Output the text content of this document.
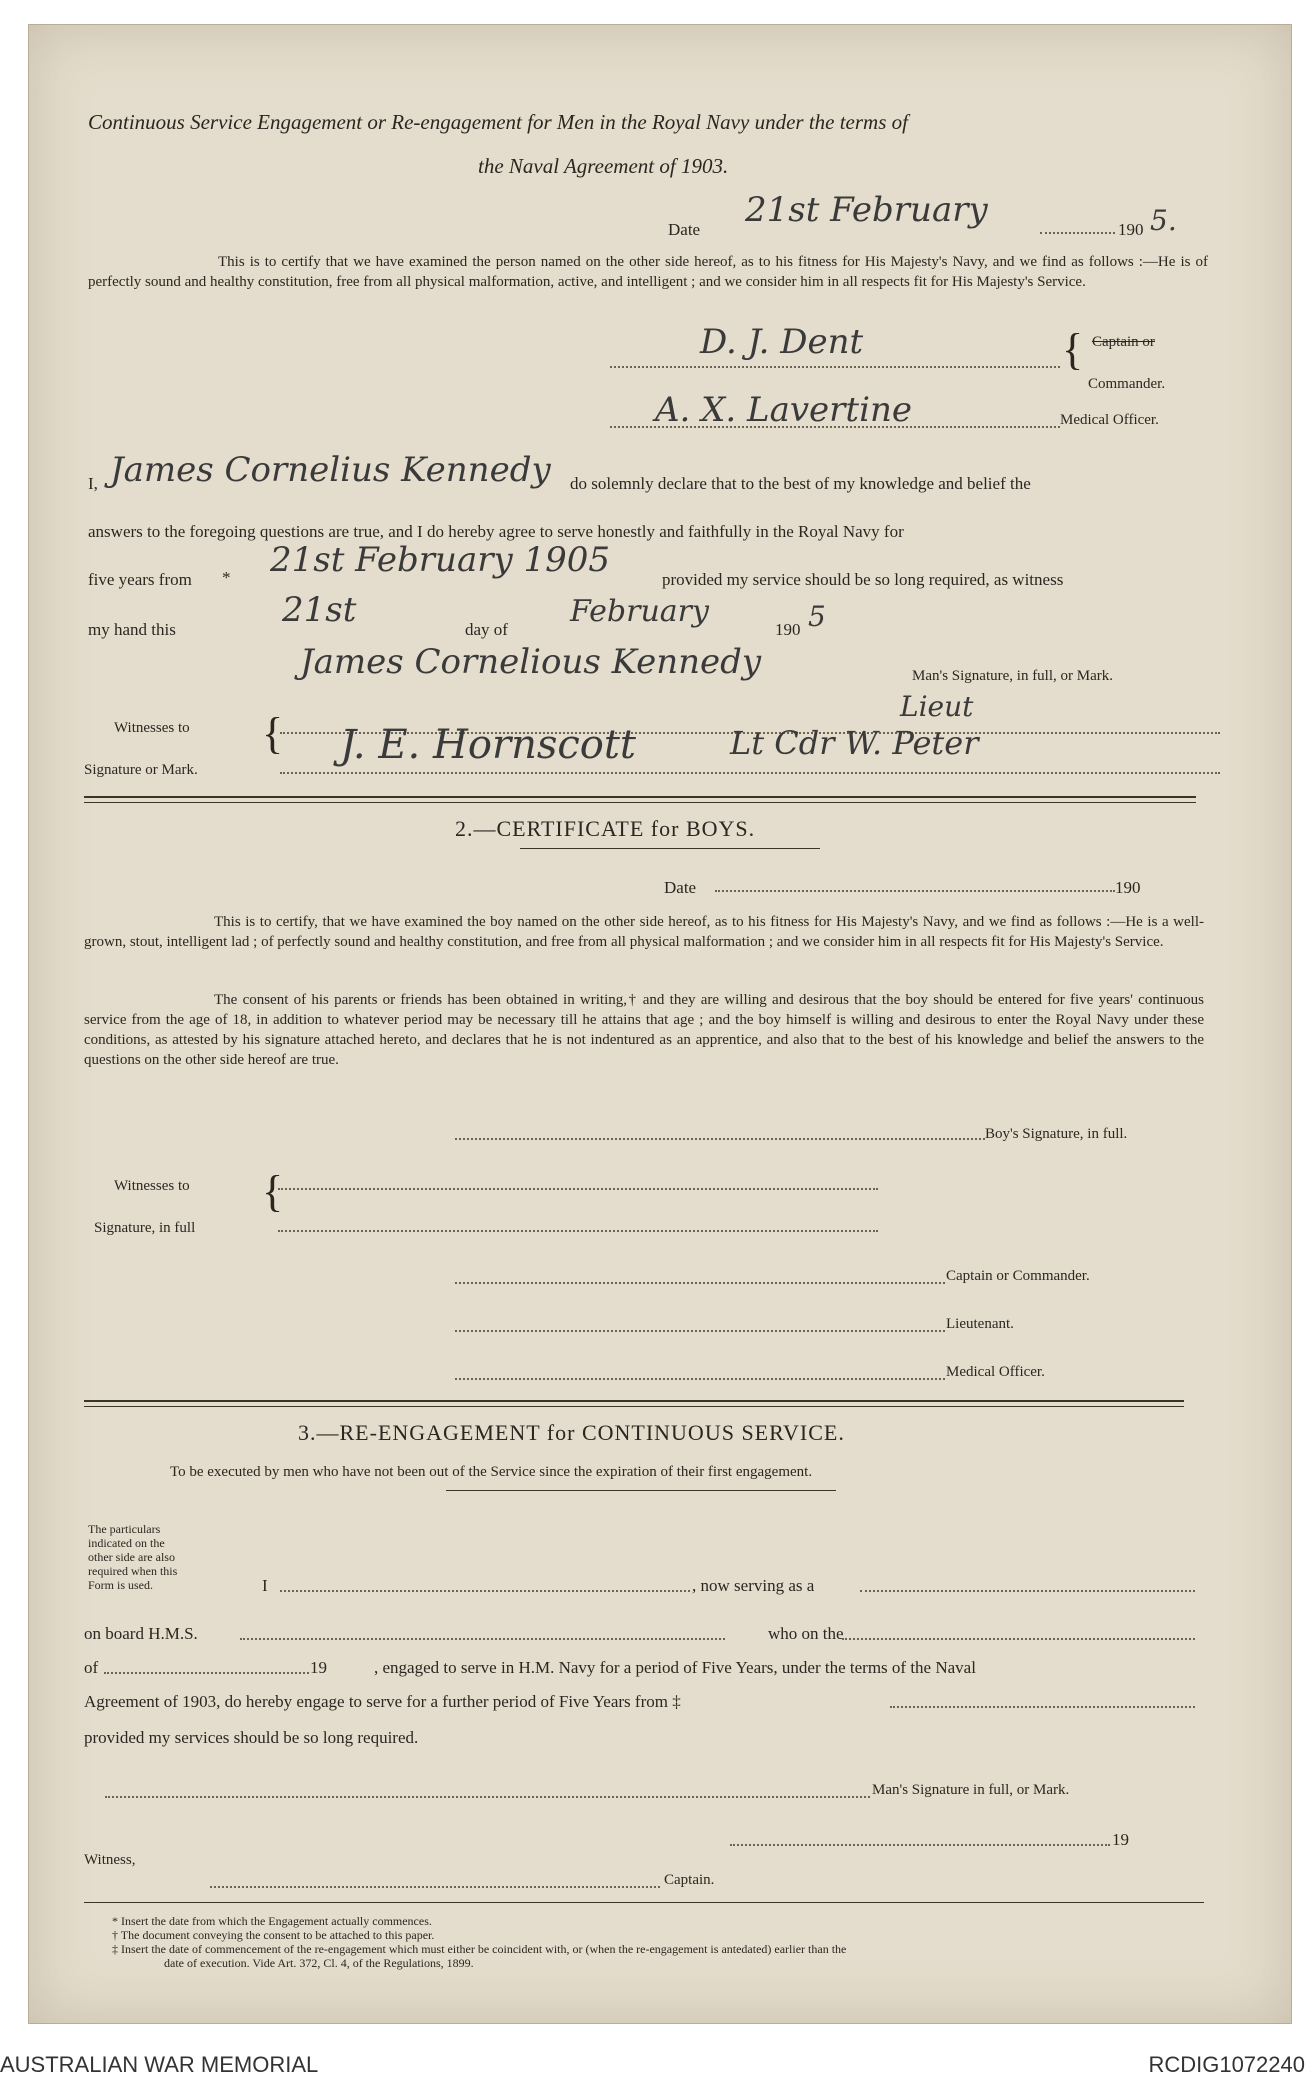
Continuous Service Engagement or Re-engagement for Men in the Royal Navy under the terms of
the Naval Agreement of 1903.
Date 21st February	190 5.
This is to certify that we have examined the person named on the other side hereof, as to his fitness for His Majesty's Navy, and we find as follows :—He is of perfectly sound and healthy constitution, free from all physical malformation, active, and intelligent ; and we consider him in all respects fit for His Majesty's Service.
D. J. Dent	{ Captain or
Commander.
A. X. Lavertine	Medical Officer.
I, James Cornelius Kennedy do solemnly declare that to the best of my knowledge and belief the
answers to the foregoing questions are true, and I do hereby agree to serve honestly and faithfully in the Royal Navy for
five years from * 21st February 1905	provided my service should be so long required, as witness
my hand this	21st	day of
February
190 5
James Cornelious Kennedy	Man's Signature, in full, or Mark.
Witnesses to
Signature or Mark.
{ J. E. Hornscott
Lieut
Lt Cdr W. Peter
2.—CERTIFICATE for BOYS.
Date	190
This is to certify, that we have examined the boy named on the other side hereof, as to his fitness for His Majesty's Navy, and we find as follows :—He is a well-grown, stout, intelligent lad ; of perfectly sound and healthy constitution, and free from all physical malformation ; and we consider him in all respects fit for His Majesty's Service.
The consent of his parents or friends has been obtained in writing,† and they are willing and desirous that the boy should be entered for five years' continuous service from the age of 18, in addition to whatever period may be necessary till he attains that age ; and the boy himself is willing and desirous to enter the Royal Navy under these conditions, as attested by his signature attached hereto, and declares that he is not indentured as an apprentice, and also that to the best of his knowledge and belief the answers to the questions on the other side hereof are true.
Boy's Signature, in full.
Witnesses to
Signature, in full
{
Captain or Commander.
Lieutenant.
Medical Officer.
3.—RE-ENGAGEMENT for CONTINUOUS SERVICE.
To be executed by men who have not been out of the Service since the expiration of their first engagement.
The particulars
indicated on the
other side are also
required when this
Form is used.	I	, now serving as a
on board H.M.S.	who on the
of	19	, engaged to serve in H.M. Navy for a period of Five Years, under the terms of the Naval
Agreement of 1903, do hereby engage to serve for a further period of Five Years from ‡
provided my services should be so long required.
Man's Signature in full, or Mark.
19
Witness,
Captain.
* Insert the date from which the Engagement actually commences.
† The document conveying the consent to be attached to this paper.
‡ Insert the date of commencement of the re-engagement which must either be coincident with, or (when the re-engagement is antedated) earlier than the
date of execution. Vide Art. 372, Cl. 4, of the Regulations, 1899.
AUSTRALIAN WAR MEMORIAL	RCDIG1072240
